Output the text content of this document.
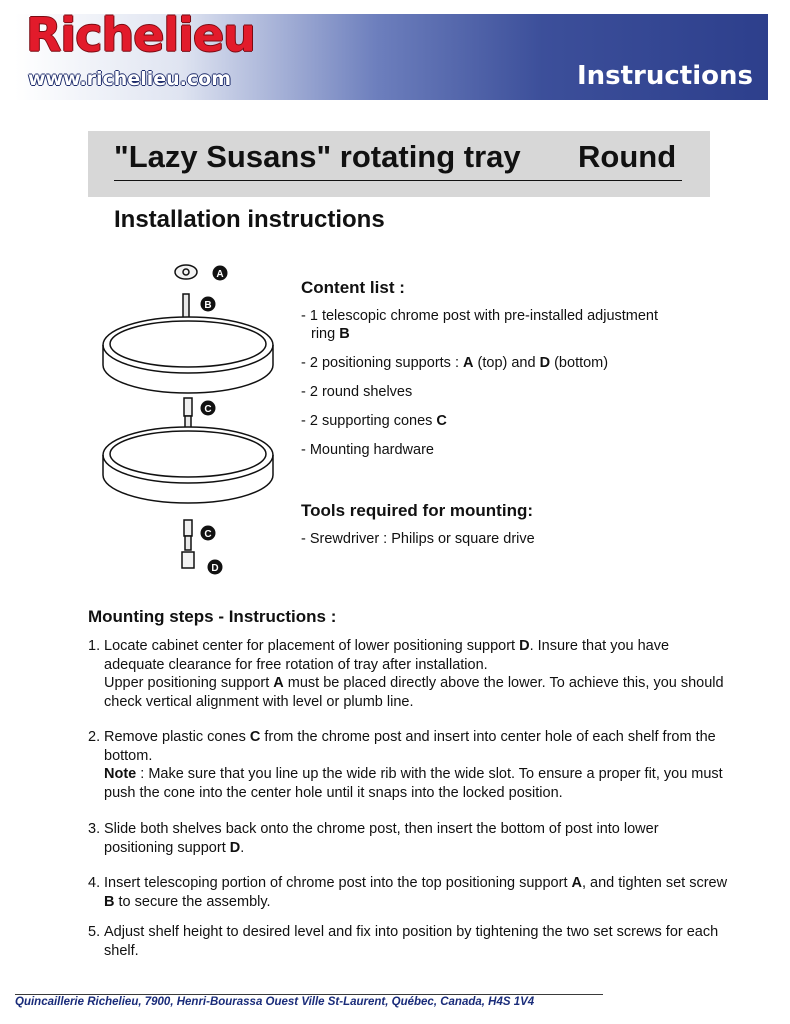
Richelieu
www.richelieu.com	Instructions
"Lazy Susans" rotating tray Round
Installation instructions
A
B
C
C
D
Content list :
- 1 telescopic chrome post with pre-installed adjustment
ring B
- 2 positioning supports : A (top) and D (bottom)
- 2 round shelves
- 2 supporting cones C
- Mounting hardware
Tools required for mounting:
- Srewdriver : Philips or square drive
Mounting steps - Instructions :
1. Locate cabinet center for placement of lower positioning support D. Insure that you have adequate clearance for free rotation of tray after installation.
Upper positioning support A must be placed directly above the lower. To achieve this, you should check vertical alignment with level or plumb line.
2. Remove plastic cones C from the chrome post and insert into center hole of each shelf from the bottom.
Note : Make sure that you line up the wide rib with the wide slot. To ensure a proper fit, you must push the cone into the center hole until it snaps into the locked position.
3. Slide both shelves back onto the chrome post, then insert the bottom of post into lower positioning support D.
4. Insert telescoping portion of chrome post into the top positioning support A, and tighten set screw B to secure the assembly.
5. Adjust shelf height to desired level and fix into position by tightening the two set screws for each shelf.
Quincaillerie Richelieu, 7900, Henri-Bourassa Ouest Ville St-Laurent, Québec, Canada, H4S 1V4
